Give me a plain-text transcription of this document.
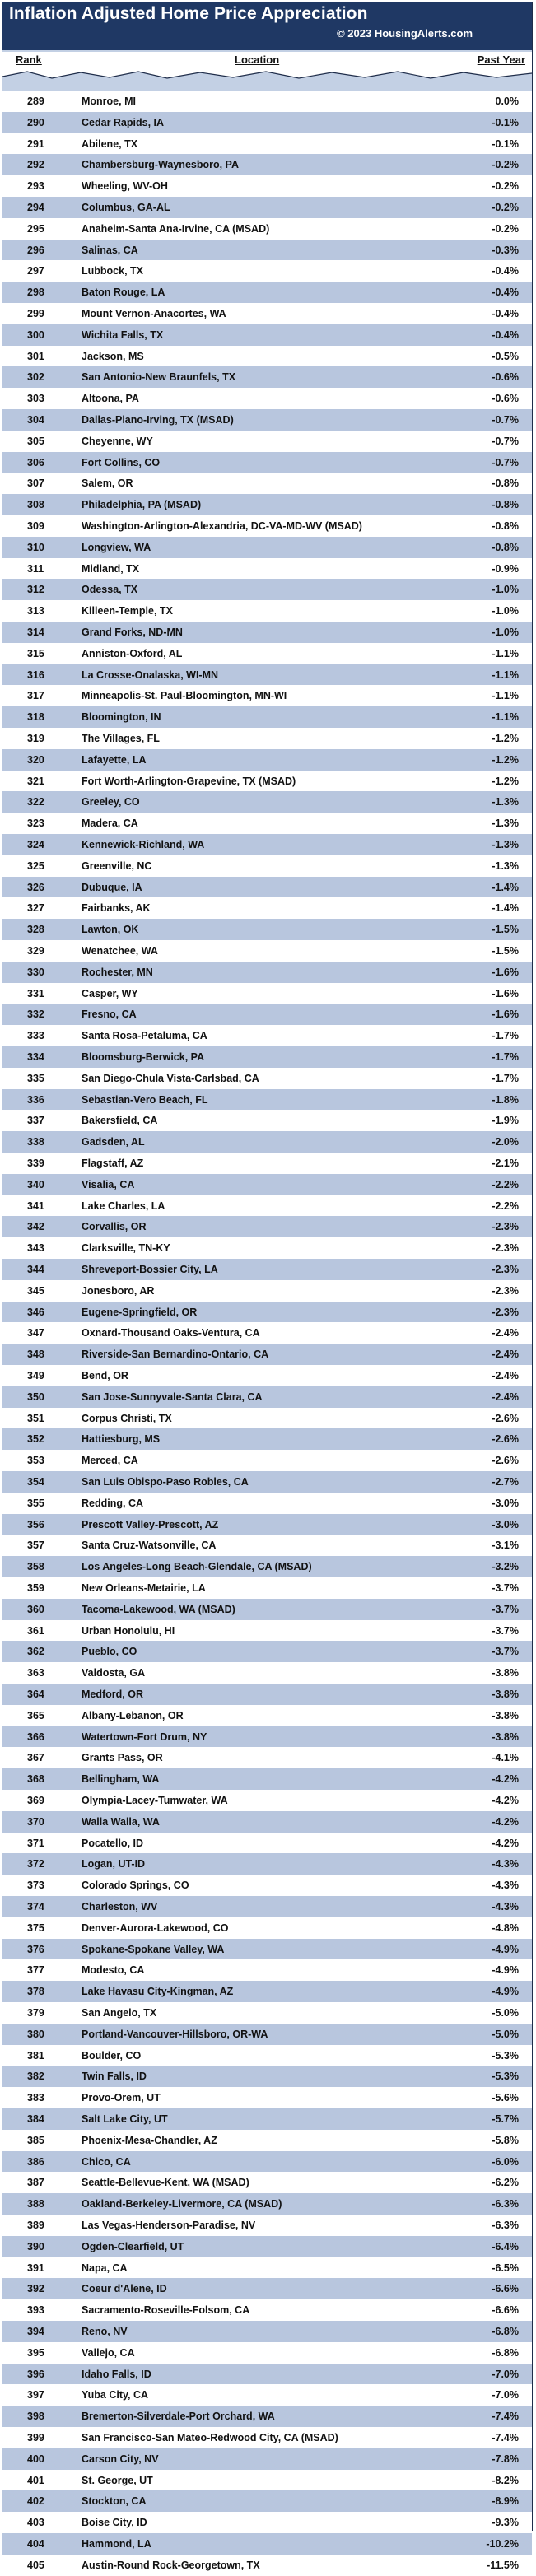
Inflation Adjusted Home Price Appreciation
© 2023 HousingAlerts.com
Rank	Location	Past Year
289	Monroe, MI	0.0%
290	Cedar Rapids, IA	-0.1%
291	Abilene, TX	-0.1%
292	Chambersburg-Waynesboro, PA	-0.2%
293	Wheeling, WV-OH	-0.2%
294	Columbus, GA-AL	-0.2%
295	Anaheim-Santa Ana-Irvine, CA (MSAD)	-0.2%
296	Salinas, CA	-0.3%
297	Lubbock, TX	-0.4%
298	Baton Rouge, LA	-0.4%
299	Mount Vernon-Anacortes, WA	-0.4%
300	Wichita Falls, TX	-0.4%
301	Jackson, MS	-0.5%
302	San Antonio-New Braunfels, TX	-0.6%
303	Altoona, PA	-0.6%
304	Dallas-Plano-Irving, TX (MSAD)	-0.7%
305	Cheyenne, WY	-0.7%
306	Fort Collins, CO	-0.7%
307	Salem, OR	-0.8%
308	Philadelphia, PA (MSAD)	-0.8%
309	Washington-Arlington-Alexandria, DC-VA-MD-WV (MSAD)	-0.8%
310	Longview, WA	-0.8%
311	Midland, TX	-0.9%
312	Odessa, TX	-1.0%
313	Killeen-Temple, TX	-1.0%
314	Grand Forks, ND-MN	-1.0%
315	Anniston-Oxford, AL	-1.1%
316	La Crosse-Onalaska, WI-MN	-1.1%
317	Minneapolis-St. Paul-Bloomington, MN-WI	-1.1%
318	Bloomington, IN	-1.1%
319	The Villages, FL	-1.2%
320	Lafayette, LA	-1.2%
321	Fort Worth-Arlington-Grapevine, TX (MSAD)	-1.2%
322	Greeley, CO	-1.3%
323	Madera, CA	-1.3%
324	Kennewick-Richland, WA	-1.3%
325	Greenville, NC	-1.3%
326	Dubuque, IA	-1.4%
327	Fairbanks, AK	-1.4%
328	Lawton, OK	-1.5%
329	Wenatchee, WA	-1.5%
330	Rochester, MN	-1.6%
331	Casper, WY	-1.6%
332	Fresno, CA	-1.6%
333	Santa Rosa-Petaluma, CA	-1.7%
334	Bloomsburg-Berwick, PA	-1.7%
335	San Diego-Chula Vista-Carlsbad, CA	-1.7%
336	Sebastian-Vero Beach, FL	-1.8%
337	Bakersfield, CA	-1.9%
338	Gadsden, AL	-2.0%
339	Flagstaff, AZ	-2.1%
340	Visalia, CA	-2.2%
341	Lake Charles, LA	-2.2%
342	Corvallis, OR	-2.3%
343	Clarksville, TN-KY	-2.3%
344	Shreveport-Bossier City, LA	-2.3%
345	Jonesboro, AR	-2.3%
346	Eugene-Springfield, OR	-2.3%
347	Oxnard-Thousand Oaks-Ventura, CA	-2.4%
348	Riverside-San Bernardino-Ontario, CA	-2.4%
349	Bend, OR	-2.4%
350	San Jose-Sunnyvale-Santa Clara, CA	-2.4%
351	Corpus Christi, TX	-2.6%
352	Hattiesburg, MS	-2.6%
353	Merced, CA	-2.6%
354	San Luis Obispo-Paso Robles, CA	-2.7%
355	Redding, CA	-3.0%
356	Prescott Valley-Prescott, AZ	-3.0%
357	Santa Cruz-Watsonville, CA	-3.1%
358	Los Angeles-Long Beach-Glendale, CA (MSAD)	-3.2%
359	New Orleans-Metairie, LA	-3.7%
360	Tacoma-Lakewood, WA (MSAD)	-3.7%
361	Urban Honolulu, HI	-3.7%
362	Pueblo, CO	-3.7%
363	Valdosta, GA	-3.8%
364	Medford, OR	-3.8%
365	Albany-Lebanon, OR	-3.8%
366	Watertown-Fort Drum, NY	-3.8%
367	Grants Pass, OR	-4.1%
368	Bellingham, WA	-4.2%
369	Olympia-Lacey-Tumwater, WA	-4.2%
370	Walla Walla, WA	-4.2%
371	Pocatello, ID	-4.2%
372	Logan, UT-ID	-4.3%
373	Colorado Springs, CO	-4.3%
374	Charleston, WV	-4.3%
375	Denver-Aurora-Lakewood, CO	-4.8%
376	Spokane-Spokane Valley, WA	-4.9%
377	Modesto, CA	-4.9%
378	Lake Havasu City-Kingman, AZ	-4.9%
379	San Angelo, TX	-5.0%
380	Portland-Vancouver-Hillsboro, OR-WA	-5.0%
381	Boulder, CO	-5.3%
382	Twin Falls, ID	-5.3%
383	Provo-Orem, UT	-5.6%
384	Salt Lake City, UT	-5.7%
385	Phoenix-Mesa-Chandler, AZ	-5.8%
386	Chico, CA	-6.0%
387	Seattle-Bellevue-Kent, WA (MSAD)	-6.2%
388	Oakland-Berkeley-Livermore, CA (MSAD)	-6.3%
389	Las Vegas-Henderson-Paradise, NV	-6.3%
390	Ogden-Clearfield, UT	-6.4%
391	Napa, CA	-6.5%
392	Coeur d'Alene, ID	-6.6%
393	Sacramento-Roseville-Folsom, CA	-6.6%
394	Reno, NV	-6.8%
395	Vallejo, CA	-6.8%
396	Idaho Falls, ID	-7.0%
397	Yuba City, CA	-7.0%
398	Bremerton-Silverdale-Port Orchard, WA	-7.4%
399	San Francisco-San Mateo-Redwood City, CA (MSAD)	-7.4%
400	Carson City, NV	-7.8%
401	St. George, UT	-8.2%
402	Stockton, CA	-8.9%
403	Boise City, ID	-9.3%
404	Hammond, LA	-10.2%
405	Austin-Round Rock-Georgetown, TX	-11.5%
